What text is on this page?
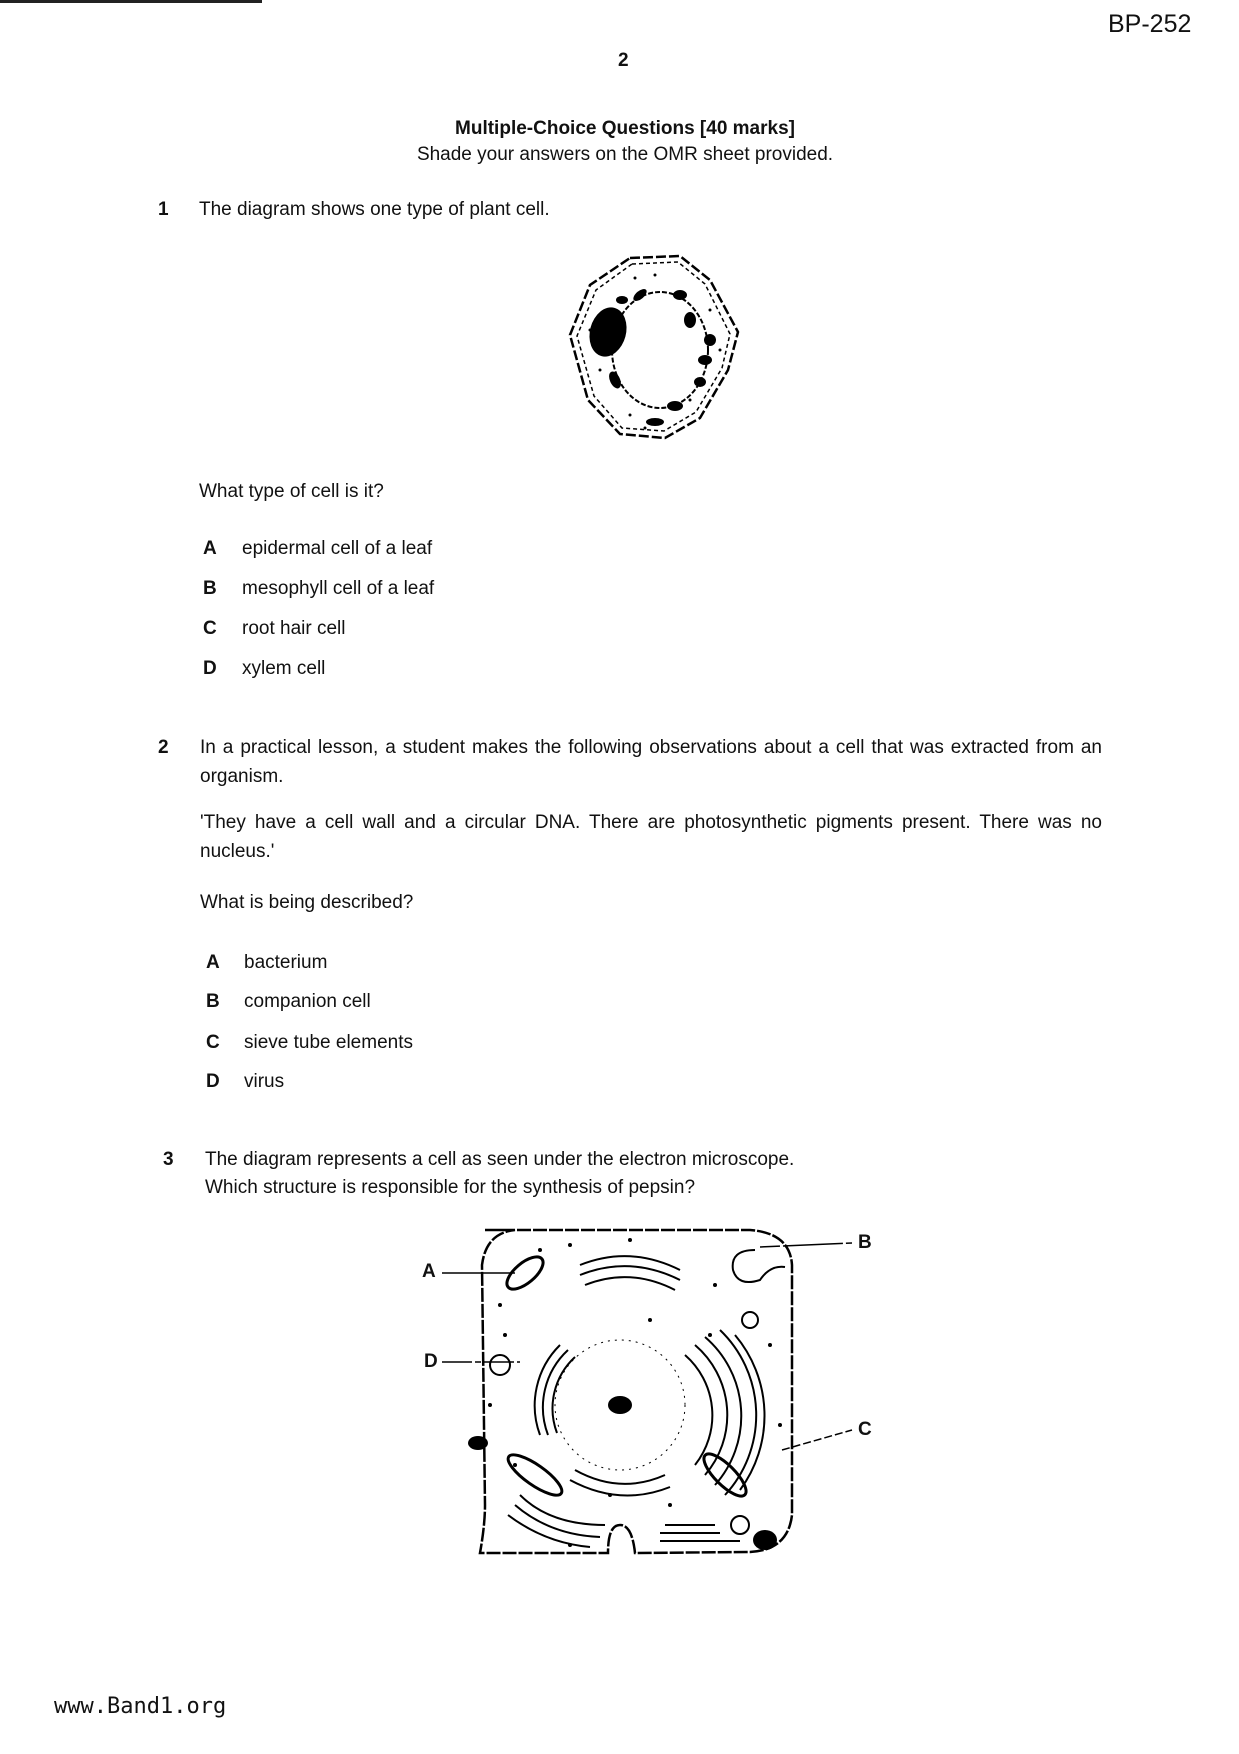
BP-252
2
Multiple-Choice Questions [40 marks]
Shade your answers on the OMR sheet provided.
1 The diagram shows one type of plant cell.
What type of cell is it?
A epidermal cell of a leaf
B mesophyll cell of a leaf
C root hair cell
D xylem cell
2 In a practical lesson, a student makes the following observations about a cell that was extracted from an organism.
'They have a cell wall and a circular DNA. There are photosynthetic pigments present. There was no nucleus.'
What is being described?
A bacterium
B companion cell
C sieve tube elements
D virus
3 The diagram represents a cell as seen under the electron microscope.
Which structure is responsible for the synthesis of pepsin?
A
B
C
D
www.Band1.org
